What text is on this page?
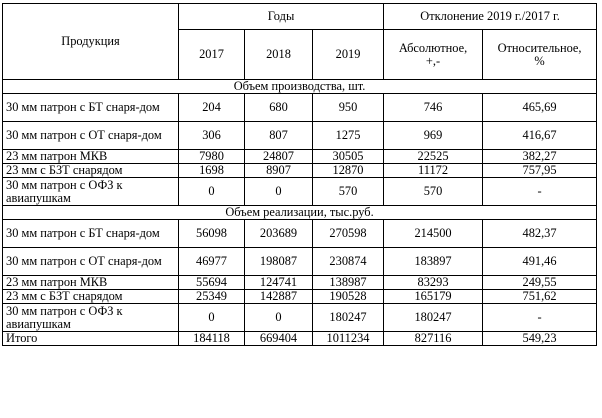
Продукция	Годы			Отклонение 2019 г./2017 г.	
	2017	2018	2019	Абсолютное, +,-	Относительное, %
Объем производства, шт.					
30 мм патрон с БТ снаря-дом	204	680	950	746	465,69
30 мм патрон с ОТ снаря-дом	306	807	1275	969	416,67
23 мм патрон МКВ	7980	24807	30505	22525	382,27
23 мм с БЗТ снарядом	1698	8907	12870	11172	757,95
30 мм патрон с ОФЗ к авиапушкам	0	0	570	570	-
Объем реализации, тыс.руб.					
30 мм патрон с БТ снаря-дом	56098	203689	270598	214500	482,37
30 мм патрон с ОТ снаря-дом	46977	198087	230874	183897	491,46
23 мм патрон МКВ	55694	124741	138987	83293	249,55
23 мм с БЗТ снарядом	25349	142887	190528	165179	751,62
30 мм патрон с ОФЗ к авиапушкам	0	0	180247	180247	-
Итого	184118	669404	1011234	827116	549,23
